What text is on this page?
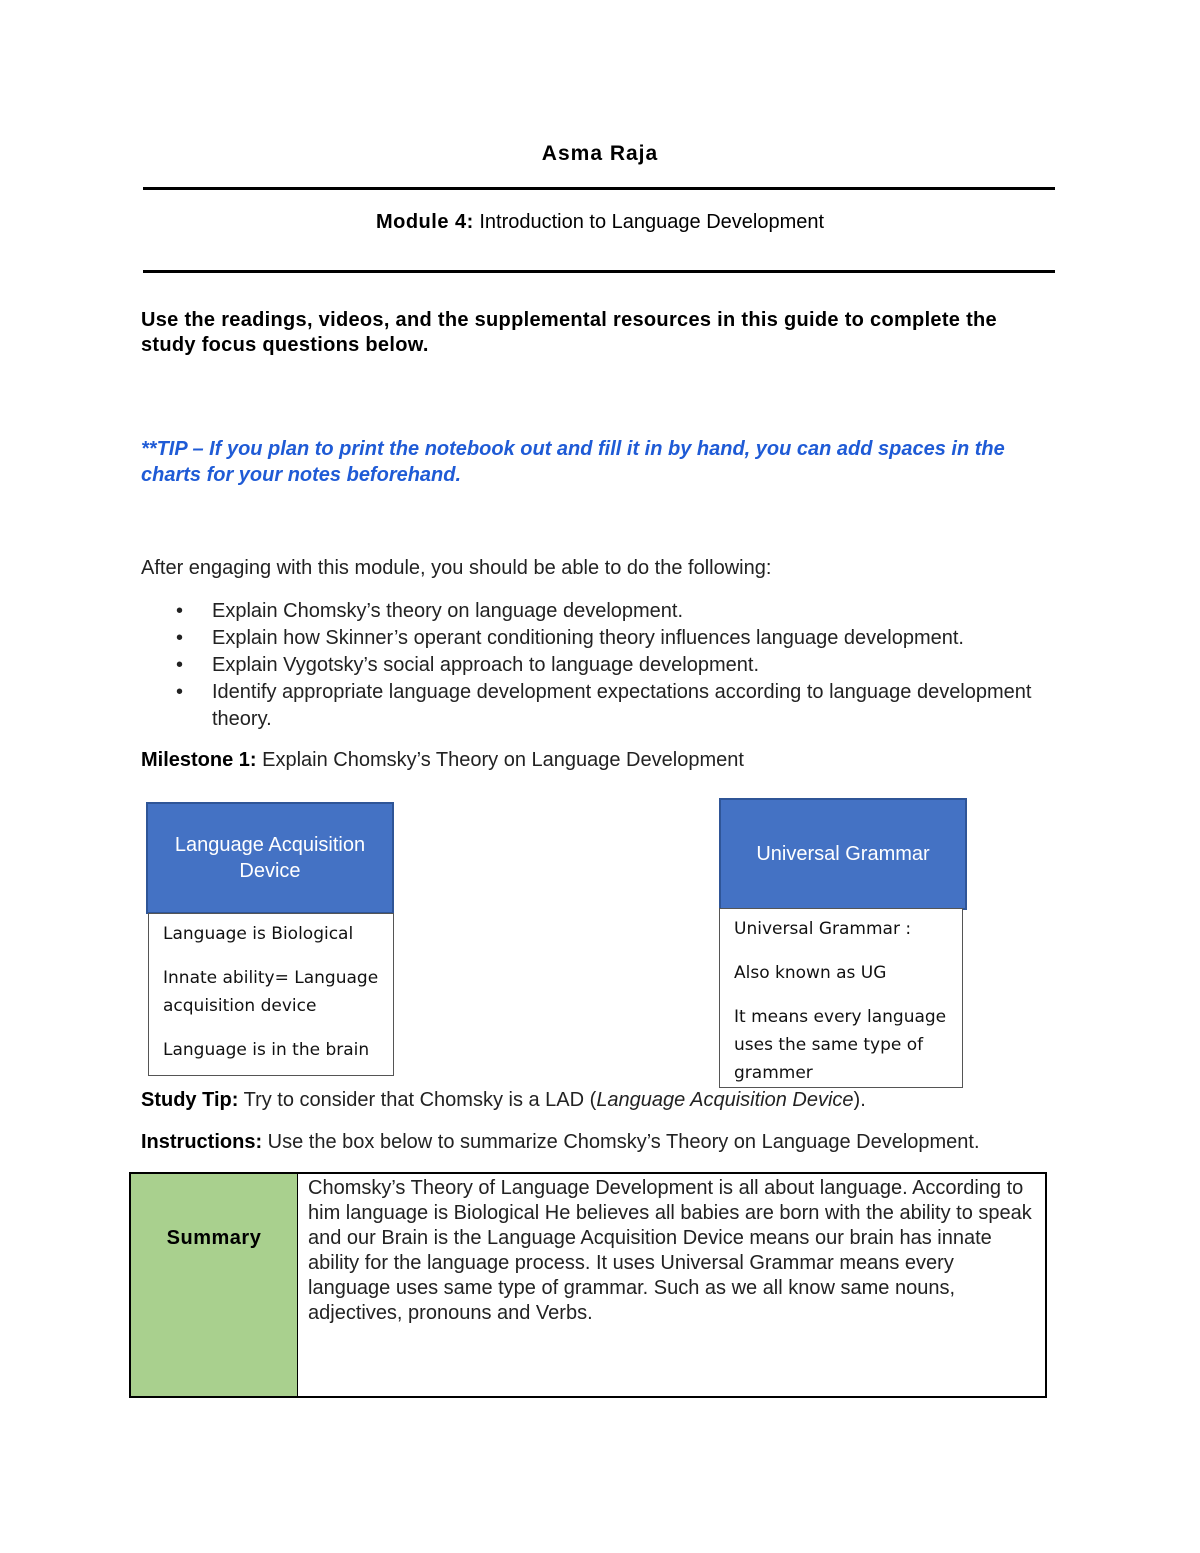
Asma Raja
Module 4: Introduction to Language Development
Use the readings, videos, and the supplemental resources in this guide to complete the study focus questions below.
**TIP – If you plan to print the notebook out and fill it in by hand, you can add spaces in the charts for your notes beforehand.
After engaging with this module, you should be able to do the following:
• Explain Chomsky’s theory on language development.
• Explain how Skinner’s operant conditioning theory influences language development.
• Explain Vygotsky’s social approach to language development.
• Identify appropriate language development expectations according to language development theory.
Milestone 1: Explain Chomsky’s Theory on Language Development
Language Acquisition Device

Language is Biological

Innate ability= Language acquisition device

Language is in the brain

Universal Grammar

Universal Grammar :

Also known as UG

It means every language uses the same type of grammer

Study Tip: Try to consider that Chomsky is a LAD (Language Acquisition Device).
Instructions: Use the box below to summarize Chomsky’s Theory on Language Development.
Summary
Chomsky’s Theory of Language Development is all about language. According to him language is Biological He believes all babies are born with the ability to speak and our Brain is the Language Acquisition Device means our brain has innate ability for the language process. It uses Universal Grammar means every language uses same type of grammar. Such as we all know same nouns, adjectives, pronouns and Verbs.
